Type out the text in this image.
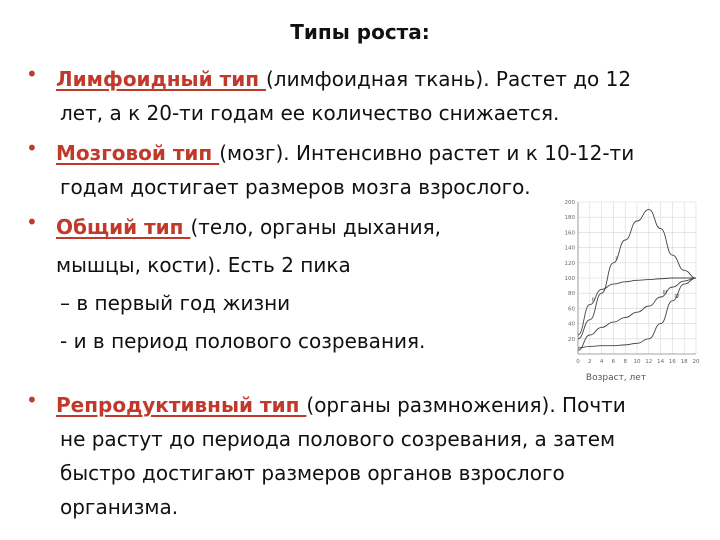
Типы роста:
• Лимфоидный тип (лимфоидная ткань). Растет до 12
лет, а к 20-ти годам ее количество снижается.
• Мозговой тип (мозг). Интенсивно растет и к 10-12-ти
годам достигает размеров мозга взрослого.
• Общий тип (тело, органы дыхания,
мышцы, кости). Есть 2 пика
– в первый год жизни
- и в период полового созревания.
200
180
160
140
120
100
80
60
40
20
0 2 4 6 8 10 12 14 16 18 20
I
II
III
IV
Возраст, лет
• Репродуктивный тип (органы размножения). Почти
не растут до периода полового созревания, а затем
быстро достигают размеров органов взрослого
организма.
